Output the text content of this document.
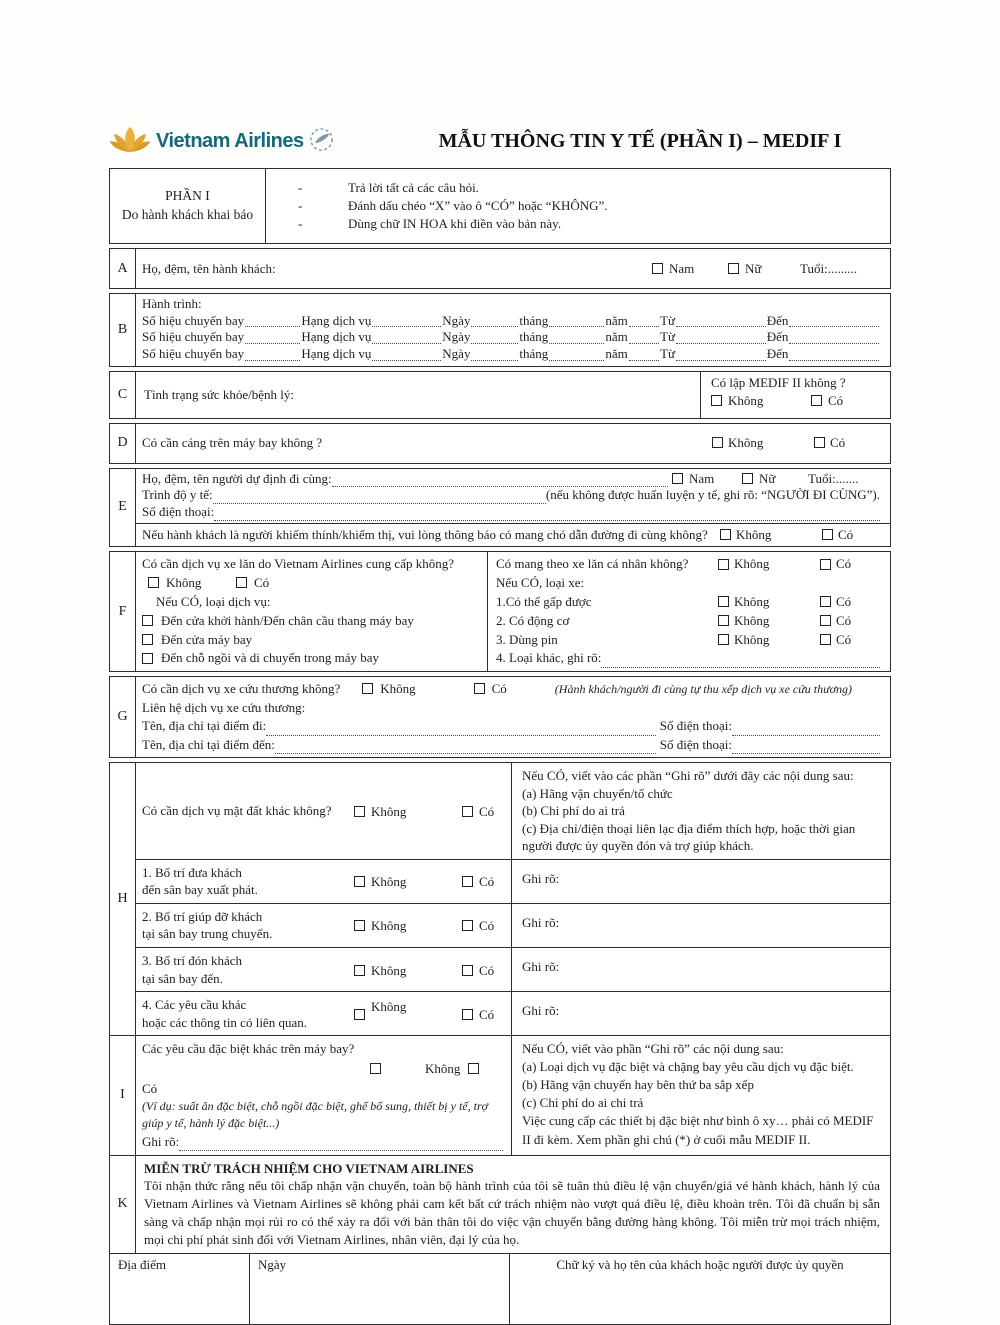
Vietnam Airlines	MẪU THÔNG TIN Y TẾ (PHẦN I) – MEDIF I
PHẦN I
Do hành khách khai báo
-	Trả lời tất cả các câu hỏi.
-	Đánh dấu chéo “X” vào ô “CÓ” hoặc “KHÔNG”.
-	Dùng chữ IN HOA khi điền vào bản này.
A	Họ, đệm, tên hành khách:	Nam	Nữ	Tuổi:.........
B
Hành trình:
Số hiệu chuyến bay	Hạng dịch vụ	Ngày	tháng	năm Từ	Đến
Số hiệu chuyến bay	Hạng dịch vụ	Ngày	tháng	năm Từ	Đến
Số hiệu chuyến bay	Hạng dịch vụ	Ngày	tháng	năm Từ	Đến
C	Tình trạng sức khỏe/bệnh lý:
Có lập MEDIF II không ?
Không	Có
D	Có cần cáng trên máy bay không ?	Không	Có
E
Họ, đệm, tên người dự định đi cùng:	Nam	Nữ	Tuổi:.......
Trình độ y tế:	(nếu không được huấn luyện y tế, ghi rõ: “NGƯỜI ĐI CÙNG”).
Số điện thoại:
Nếu hành khách là người khiếm thính/khiếm thị, vui lòng thông báo có mang chó dẫn đường đi cùng không? Không	Có
F
Có cần dịch vụ xe lăn do Vietnam Airlines cung cấp không?
Không	Có
Nếu CÓ, loại dịch vụ:
Đến cửa khởi hành/Đến chân cầu thang máy bay
Đến cửa máy bay
Đến chỗ ngồi và di chuyển trong máy bay
Có mang theo xe lăn cá nhân không?	Không	Có
Nếu CÓ, loại xe:
1.Có thể gấp được	Không	Có
2. Có động cơ	Không	Có
3. Dùng pin	Không	Có
4. Loại khác, ghi rõ:
G
Có cần dịch vụ xe cứu thương không?	Không	Có	(Hành khách/người đi cùng tự thu xếp dịch vụ xe cứu thương)
Liên hệ dịch vụ xe cứu thương:
Tên, địa chỉ tại điểm đi:	Số điện thoại:
Tên, địa chỉ tại điểm đến:	Số điện thoại:
H
Có cần dịch vụ mặt đất khác không?	Không	Có
Nếu CÓ, viết vào các phần “Ghi rõ” dưới đây các nội dung sau:
(a) Hãng vận chuyển/tổ chức
(b) Chi phí do ai trả
(c) Địa chỉ/điện thoại liên lạc địa điểm thích hợp, hoặc thời gian người được ủy quyền đón và trợ giúp khách.
1. Bố trí đưa khách
đến sân bay xuất phát.
Không	Có Ghi rõ:
2. Bố trí giúp đỡ khách
tại sân bay trung chuyển.
Không	Có Ghi rõ:
3. Bố trí đón khách
tại sân bay đến.
Không	Có Ghi rõ:
4. Các yêu cầu khác
hoặc các thông tin có liên quan.
Không
Có Ghi rõ:
I
Các yêu cầu đặc biệt khác trên máy bay?
Không
Có
(Ví dụ: suất ăn đặc biệt, chỗ ngồi đặc biệt, ghế bổ sung, thiết bị y tế, trợ giúp y tế, hành lý đặc biệt...)
Ghi rõ:
Nếu CÓ, viết vào phần “Ghi rõ” các nội dung sau:
(a) Loại dịch vụ đặc biệt và chặng bay yêu cầu dịch vụ đặc biệt.
(b) Hãng vận chuyển hay bên thứ ba sắp xếp
(c) Chi phí do ai chi trả
Việc cung cấp các thiết bị đặc biệt như bình ô xy… phải có MEDIF II đi kèm. Xem phần ghi chú (*) ở cuối mẫu MEDIF II.
K
MIỄN TRỪ TRÁCH NHIỆM CHO VIETNAM AIRLINES
Tôi nhận thức rằng nếu tôi chấp nhận vận chuyển, toàn bộ hành trình của tôi sẽ tuân thủ điều lệ vận chuyển/giá vé hành khách, hành lý của Vietnam Airlines và Vietnam Airlines sẽ không phải cam kết bất cứ trách nhiệm nào vượt quá điều lệ, điều khoản trên. Tôi đã chuẩn bị sẵn sàng và chấp nhận mọi rủi ro có thể xảy ra đối với bản thân tôi do việc vận chuyển bằng đường hàng không. Tôi miễn trừ mọi trách nhiệm, mọi chi phí phát sinh đối với Vietnam Airlines, nhân viên, đại lý của họ.
Địa điểm	Ngày	Chữ ký và họ tên của khách hoặc người được ủy quyền
